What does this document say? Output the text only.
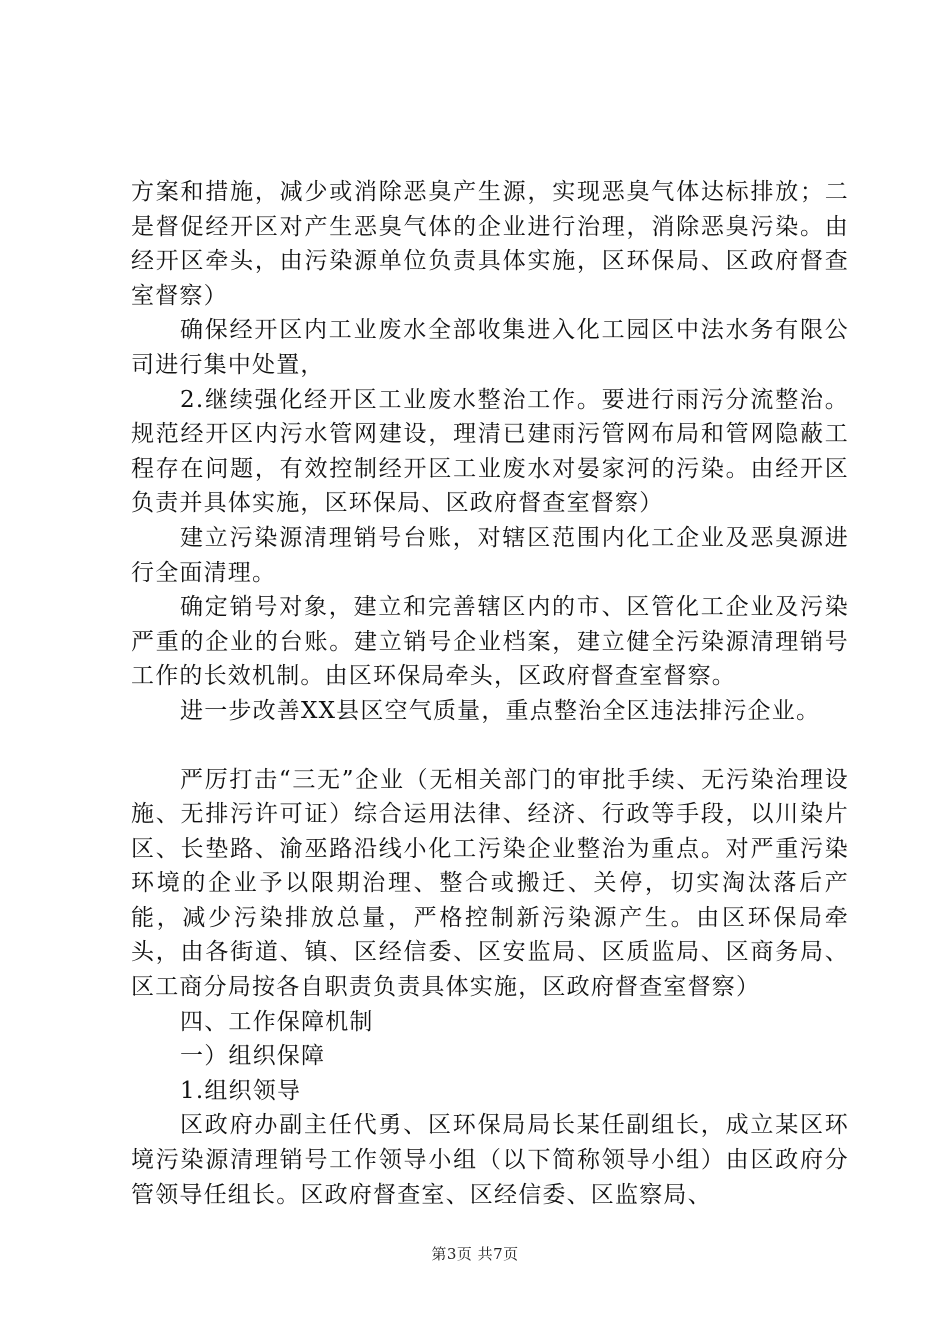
方案和措施，减少或消除恶臭产生源，实现恶臭气体达标排放；二是督促经开区对产生恶臭气体的企业进行治理，消除恶臭污染。由经开区牵头，由污染源单位负责具体实施，区环保局、区政府督查室督察）

确保经开区内工业废水全部收集进入化工园区中法水务有限公司进行集中处置，

2.继续强化经开区工业废水整治工作。要进行雨污分流整治。规范经开区内污水管网建设，理清已建雨污管网布局和管网隐蔽工程存在问题，有效控制经开区工业废水对晏家河的污染。由经开区负责并具体实施，区环保局、区政府督查室督察）

建立污染源清理销号台账，对辖区范围内化工企业及恶臭源进行全面清理。

确定销号对象，建立和完善辖区内的市、区管化工企业及污染严重的企业的台账。建立销号企业档案，建立健全污染源清理销号工作的长效机制。由区环保局牵头，区政府督查室督察。

进一步改善XX县区空气质量，重点整治全区违法排污企业。

严厉打击“三无”企业（无相关部门的审批手续、无污染治理设施、无排污许可证）综合运用法律、经济、行政等手段，以川染片区、长垫路、渝巫路沿线小化工污染企业整治为重点。对严重污染环境的企业予以限期治理、整合或搬迁、关停，切实淘汰落后产能，减少污染排放总量，严格控制新污染源产生。由区环保局牵头，由各街道、镇、区经信委、区安监局、区质监局、区商务局、区工商分局按各自职责负责具体实施，区政府督查室督察）

四、工作保障机制

一）组织保障

1.组织领导

区政府办副主任代勇、区环保局局长某任副组长，成立某区环境污染源清理销号工作领导小组（以下简称领导小组）由区政府分管领导任组长。区政府督查室、区经信委、区监察局、

第3页 共7页
